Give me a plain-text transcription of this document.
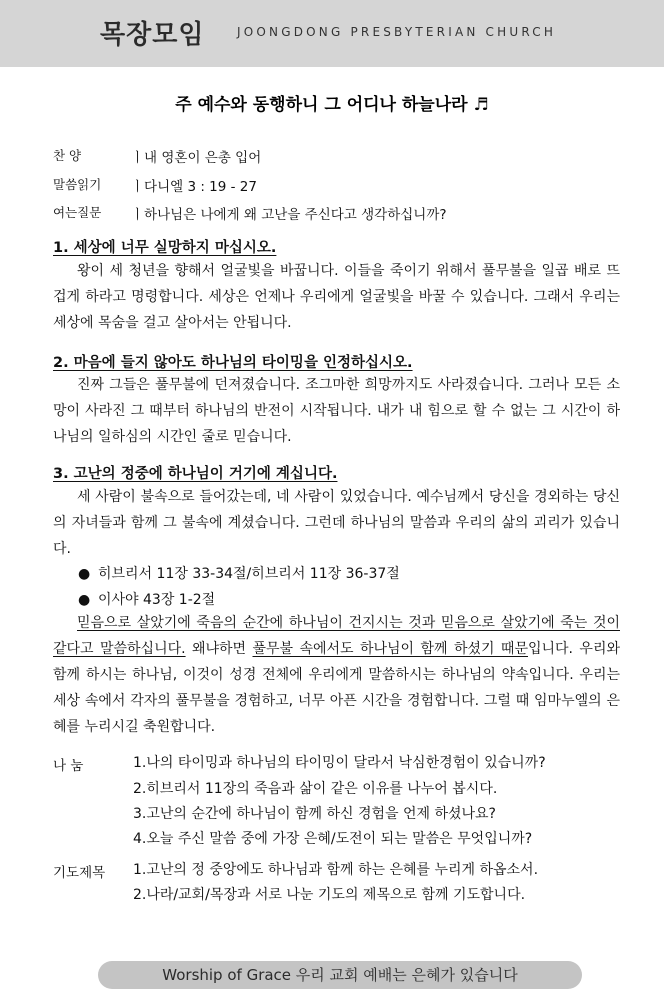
목장모임	JOONGDONG PRESBYTERIAN CHURCH
주 예수와 동행하니 그 어디나 하늘나라 ♬
찬 양	ㅣ내 영혼이 은총 입어
말씀읽기 ㅣ다니엘 3 : 19 - 27
여는질문 ㅣ하나님은 나에게 왜 고난을 주신다고 생각하십니까?
1. 세상에 너무 실망하지 마십시오.
왕이 세 청년을 향해서 얼굴빛을 바꿉니다. 이들을 죽이기 위해서 풀무불을 일곱 배로 뜨겁게 하라고 명령합니다. 세상은 언제나 우리에게 얼굴빛을 바꿀 수 있습니다. 그래서 우리는 세상에 목숨을 걸고 살아서는 안됩니다.
2. 마음에 들지 않아도 하나님의 타이밍을 인정하십시오.
진짜 그들은 풀무불에 던져졌습니다. 조그마한 희망까지도 사라졌습니다. 그러나 모든 소망이 사라진 그 때부터 하나님의 반전이 시작됩니다. 내가 내 힘으로 할 수 없는 그 시간이 하나님의 일하심의 시간인 줄로 믿습니다.
3. 고난의 정중에 하나님이 거기에 계십니다.
세 사람이 불속으로 들어갔는데, 네 사람이 있었습니다. 예수님께서 당신을 경외하는 당신의 자녀들과 함께 그 불속에 계셨습니다. 그런데 하나님의 말씀과 우리의 삶의 괴리가 있습니다.
● 히브리서 11장 33-34절/히브리서 11장 36-37절
● 이사야 43장 1-2절
믿음으로 살았기에 죽음의 순간에 하나님이 건지시는 것과 믿음으로 살았기에 죽는 것이 같다고 말씀하십니다. 왜냐하면 풀무불 속에서도 하나님이 함께 하셨기 때문입니다. 우리와 함께 하시는 하나님, 이것이 성경 전체에 우리에게 말씀하시는 하나님의 약속입니다. 우리는 세상 속에서 각자의 풀무불을 경험하고, 너무 아픈 시간을 경험합니다. 그럴 때 임마누엘의 은혜를 누리시길 축원합니다.
나 눔	1.나의 타이밍과 하나님의 타이밍이 달라서 낙심한경험이 있습니까?
2.히브리서 11장의 죽음과 삶이 같은 이유를 나누어 봅시다.
3.고난의 순간에 하나님이 함께 하신 경험을 언제 하셨나요?
4.오늘 주신 말씀 중에 가장 은혜/도전이 되는 말씀은 무엇입니까?
기도제목 1.고난의 정 중앙에도 하나님과 함께 하는 은혜를 누리게 하옵소서.
2.나라/교회/목장과 서로 나눈 기도의 제목으로 함께 기도합니다.
Worship of Grace 우리 교회 예배는 은혜가 있습니다
